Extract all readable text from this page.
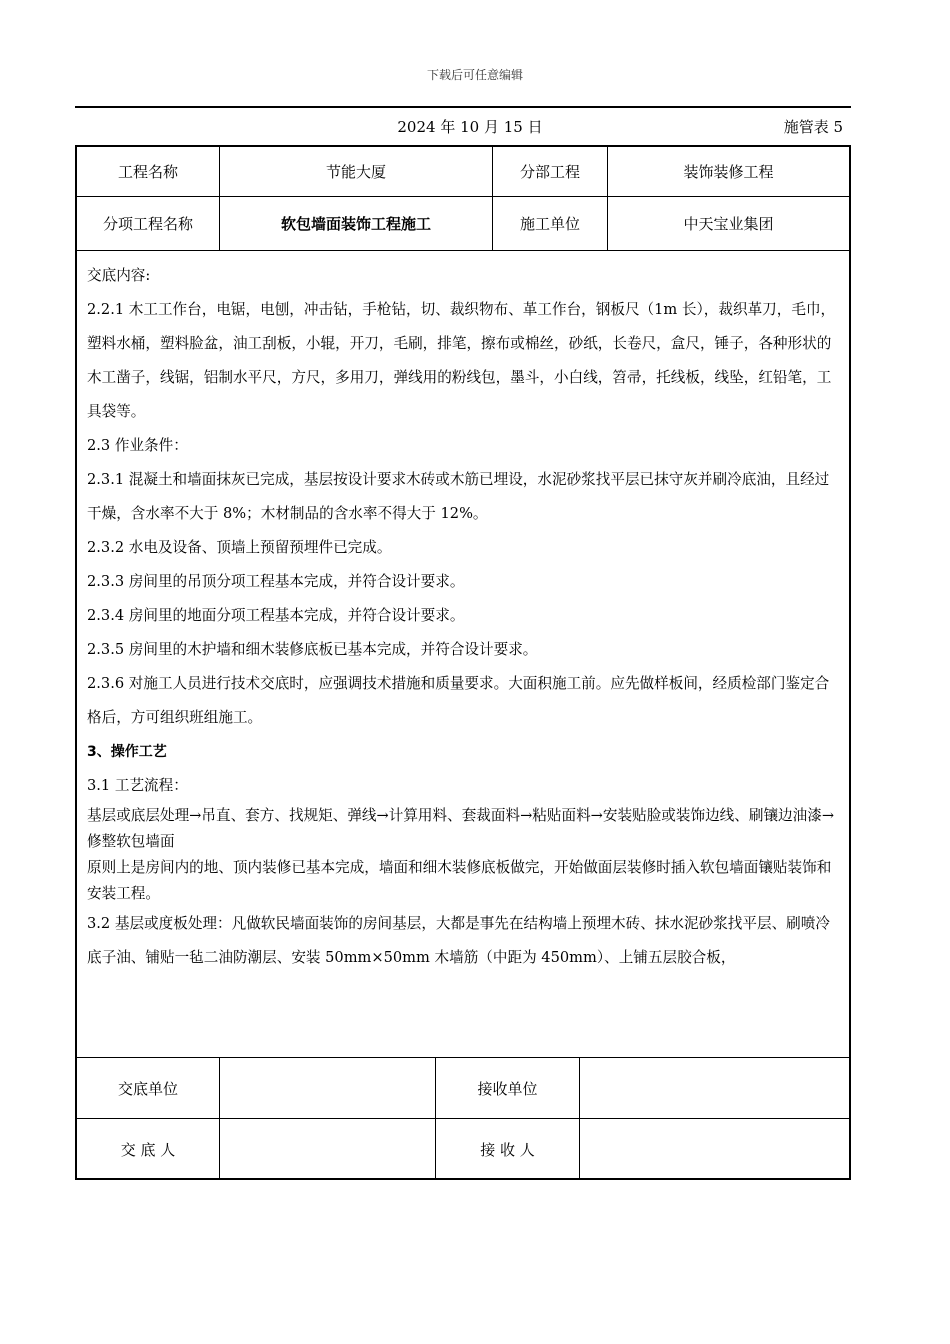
下载后可任意编辑
2024 年 10 月 15 日	施管表 5
工程名称	节能大厦	分部工程	装饰装修工程
分项工程名称	软包墙面装饰工程施工	施工单位	中天宝业集团

交底内容:

2.2.1 木工工作台，电锯，电刨，冲击钻，手枪钻，切、裁织物布、革工作台，钢板尺（1m 长），裁织革刀，毛巾，塑料水桶，塑料脸盆，油工刮板，小辊，开刀，毛刷，排笔，擦布或棉丝，砂纸，长卷尺，盒尺，锤子，各种形状的木工凿子，线锯，铝制水平尺，方尺，多用刀，弹线用的粉线包，墨斗，小白线，笤帚，托线板，线坠，红铅笔，工具袋等。

2.3 作业条件：

2.3.1 混凝土和墙面抹灰已完成，基层按设计要求木砖或木筋已埋设，水泥砂浆找平层已抹守灰并刷冷底油，且经过干燥，含水率不大于 8%；木材制品的含水率不得大于 12%。

2.3.2 水电及设备、顶墙上预留预埋件已完成。

2.3.3 房间里的吊顶分项工程基本完成，并符合设计要求。

2.3.4 房间里的地面分项工程基本完成，并符合设计要求。

2.3.5 房间里的木护墙和细木装修底板已基本完成，并符合设计要求。

2.3.6 对施工人员进行技术交底时，应强调技术措施和质量要求。大面积施工前。应先做样板间，经质检部门鉴定合格后，方可组织班组施工。

3、操作工艺

3.1 工艺流程：

基层或底层处理→吊直、套方、找规矩、弹线→计算用料、套裁面料→粘贴面料→安装贴脸或装饰边线、刷镶边油漆→修整软包墙面

原则上是房间内的地、顶内装修已基本完成，墙面和细木装修底板做完，开始做面层装修时插入软包墙面镶贴装饰和安装工程。

3.2 基层或度板处理：凡做软民墙面装饰的房间基层，大都是事先在结构墙上预埋木砖、抹水泥砂浆找平层、刷喷冷底子油、铺贴一毡二油防潮层、安装 50mm×50mm 木墙筋（中距为 450mm）、上铺五层胶合板，

交底单位	接收单位
交 底 人	接 收 人
